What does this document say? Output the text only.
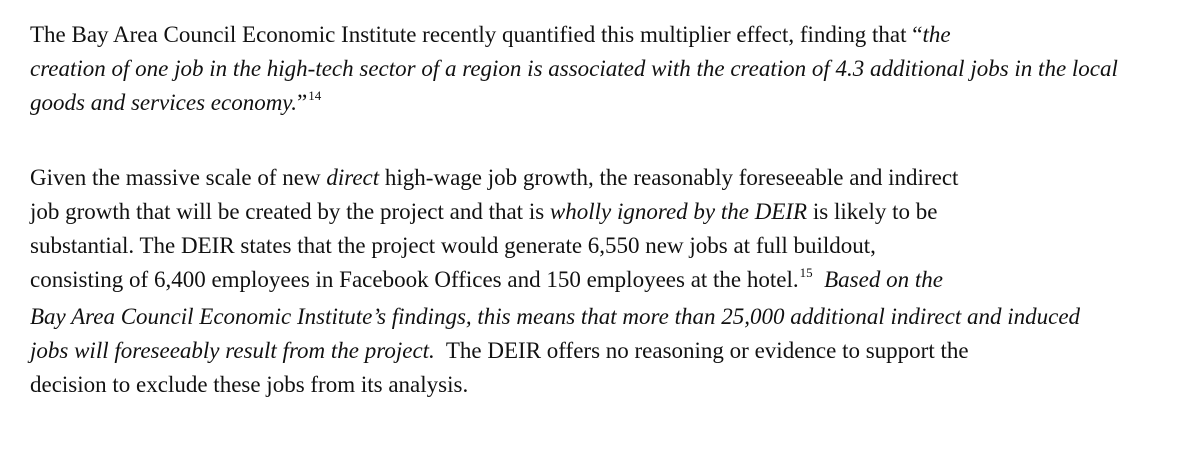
The Bay Area Council Economic Institute recently quantified this multiplier effect, finding that “the
creation of one job in the high-tech sector of a region is associated with the creation of 4.3 additional jobs in the local
goods and services economy.”$^{14}$

Given the massive scale of new direct high-wage job growth, the reasonably foreseeable and indirect
job growth that will be created by the project and that is wholly ignored by the DEIR is likely to be
substantial. The DEIR states that the project would generate 6,550 new jobs at full buildout,
consisting of 6,400 employees in Facebook Offices and 150 employees at the hotel.$^{15}$  Based on the
Bay Area Council Economic Institute’s findings, this means that more than 25,000 additional indirect and induced
jobs will foreseeably result from the project.  The DEIR offers no reasoning or evidence to support the
decision to exclude these jobs from its analysis.
